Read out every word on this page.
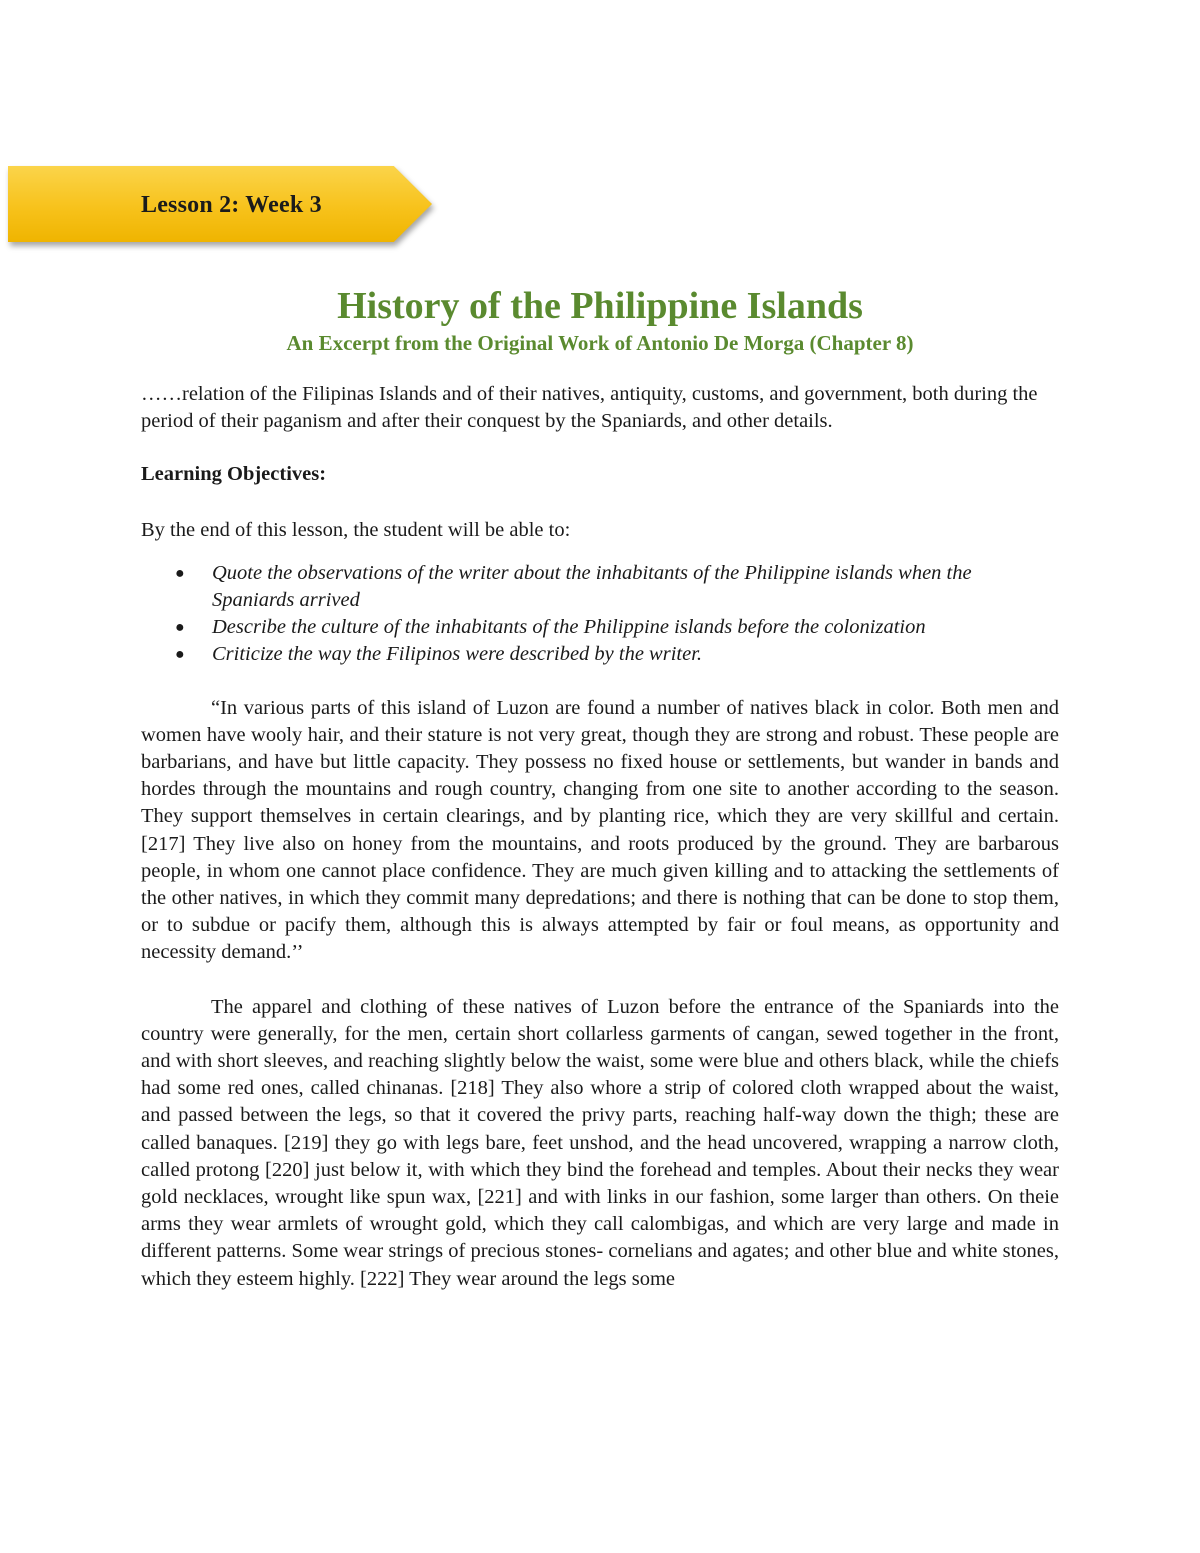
Lesson 2: Week 3
History of the Philippine Islands
An Excerpt from the Original Work of Antonio De Morga (Chapter 8)

……relation of the Filipinas Islands and of their natives, antiquity, customs, and government, both during the period of their paganism and after their conquest by the Spaniards, and other details.

Learning Objectives:

By the end of this lesson, the student will be able to:

● Quote the observations of the writer about the inhabitants of the Philippine islands when the Spaniards arrived
● Describe the culture of the inhabitants of the Philippine islands before the colonization
● Criticize the way the Filipinos were described by the writer.

“In various parts of this island of Luzon are found a number of natives black in color. Both men and women have wooly hair, and their stature is not very great, though they are strong and robust. These people are barbarians, and have but little capacity. They possess no fixed house or settlements, but wander in bands and hordes through the mountains and rough country, changing from one site to another according to the season. They support themselves in certain clearings, and by planting rice, which they are very skillful and certain. [217] They live also on honey from the mountains, and roots produced by the ground. They are barbarous people, in whom one cannot place confidence. They are much given killing and to attacking the settlements of the other natives, in which they commit many depredations; and there is nothing that can be done to stop them, or to subdue or pacify them, although this is always attempted by fair or foul means, as opportunity and necessity demand.’’

The apparel and clothing of these natives of Luzon before the entrance of the Spaniards into the country were generally, for the men, certain short collarless garments of cangan, sewed together in the front, and with short sleeves, and reaching slightly below the waist, some were blue and others black, while the chiefs had some red ones, called chinanas. [218] They also whore a strip of colored cloth wrapped about the waist, and passed between the legs, so that it covered the privy parts, reaching half-way down the thigh; these are called banaques. [219] they go with legs bare, feet unshod, and the head uncovered, wrapping a narrow cloth, called protong [220] just below it, with which they bind the forehead and temples. About their necks they wear gold necklaces, wrought like spun wax, [221] and with links in our fashion, some larger than others. On theie arms they wear armlets of wrought gold, which they call calombigas, and which are very large and made in different patterns. Some wear strings of precious stones- cornelians and agates; and other blue and white stones, which they esteem highly. [222] They wear around the legs some
